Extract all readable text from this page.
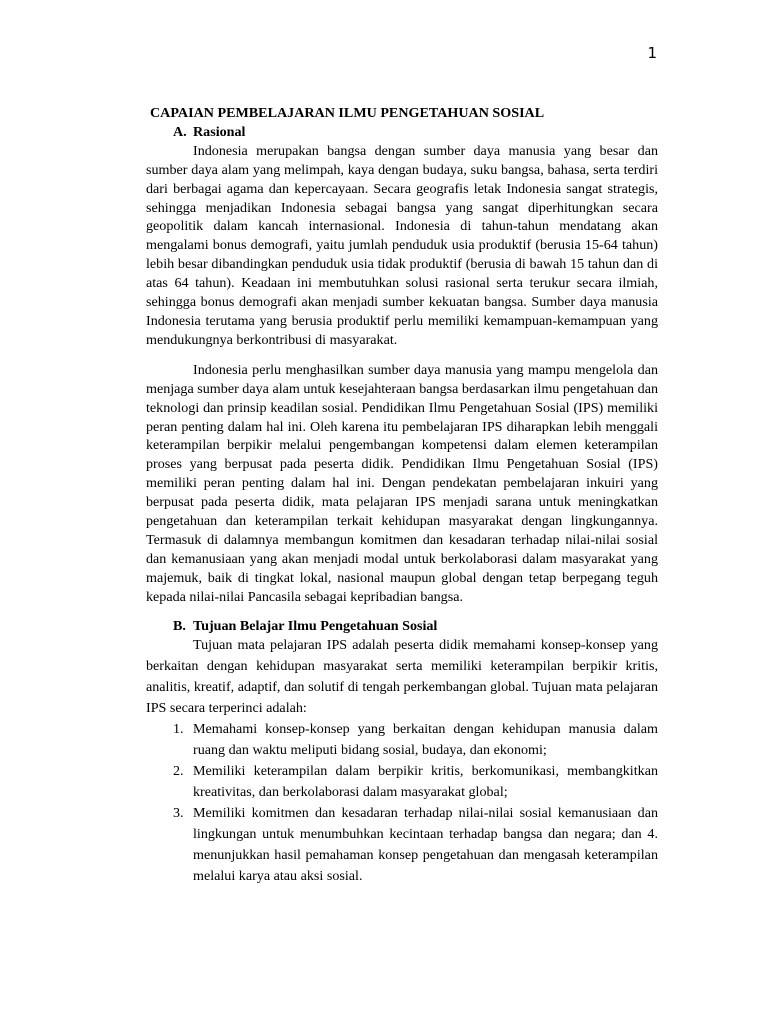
1

CAPAIAN PEMBELAJARAN ILMU PENGETAHUAN SOSIAL

A. Rasional

Indonesia merupakan bangsa dengan sumber daya manusia yang besar dan sumber daya alam yang melimpah, kaya dengan budaya, suku bangsa, bahasa, serta terdiri dari berbagai agama dan kepercayaan. Secara geografis letak Indonesia sangat strategis, sehingga menjadikan Indonesia sebagai bangsa yang sangat diperhitungkan secara geopolitik dalam kancah internasional. Indonesia di tahun-tahun mendatang akan mengalami bonus demografi, yaitu jumlah penduduk usia produktif (berusia 15-64 tahun) lebih besar dibandingkan penduduk usia tidak produktif (berusia di bawah 15 tahun dan di atas 64 tahun). Keadaan ini membutuhkan solusi rasional serta terukur secara ilmiah, sehingga bonus demografi akan menjadi sumber kekuatan bangsa. Sumber daya manusia Indonesia terutama yang berusia produktif perlu memiliki kemampuan-kemampuan yang mendukungnya berkontribusi di masyarakat.

Indonesia perlu menghasilkan sumber daya manusia yang mampu mengelola dan menjaga sumber daya alam untuk kesejahteraan bangsa berdasarkan ilmu pengetahuan dan teknologi dan prinsip keadilan sosial. Pendidikan Ilmu Pengetahuan Sosial (IPS) memiliki peran penting dalam hal ini. Oleh karena itu pembelajaran IPS diharapkan lebih menggali keterampilan berpikir melalui pengembangan kompetensi dalam elemen keterampilan proses yang berpusat pada peserta didik. Pendidikan Ilmu Pengetahuan Sosial (IPS) memiliki peran penting dalam hal ini. Dengan pendekatan pembelajaran inkuiri yang berpusat pada peserta didik, mata pelajaran IPS menjadi sarana untuk meningkatkan pengetahuan dan keterampilan terkait kehidupan masyarakat dengan lingkungannya. Termasuk di dalamnya membangun komitmen dan kesadaran terhadap nilai-nilai sosial dan kemanusiaan yang akan menjadi modal untuk berkolaborasi dalam masyarakat yang majemuk, baik di tingkat lokal, nasional maupun global dengan tetap berpegang teguh kepada nilai-nilai Pancasila sebagai kepribadian bangsa.

B. Tujuan Belajar Ilmu Pengetahuan Sosial

Tujuan mata pelajaran IPS adalah peserta didik memahami konsep-konsep yang berkaitan dengan kehidupan masyarakat serta memiliki keterampilan berpikir kritis, analitis, kreatif, adaptif, dan solutif di tengah perkembangan global. Tujuan mata pelajaran IPS secara terperinci adalah:

1. Memahami konsep-konsep yang berkaitan dengan kehidupan manusia dalam ruang dan waktu meliputi bidang sosial, budaya, dan ekonomi;
2. Memiliki keterampilan dalam berpikir kritis, berkomunikasi, membangkitkan kreativitas, dan berkolaborasi dalam masyarakat global;
3. Memiliki komitmen dan kesadaran terhadap nilai-nilai sosial kemanusiaan dan lingkungan untuk menumbuhkan kecintaan terhadap bangsa dan negara; dan 4. menunjukkan hasil pemahaman konsep pengetahuan dan mengasah keterampilan melalui karya atau aksi sosial.
